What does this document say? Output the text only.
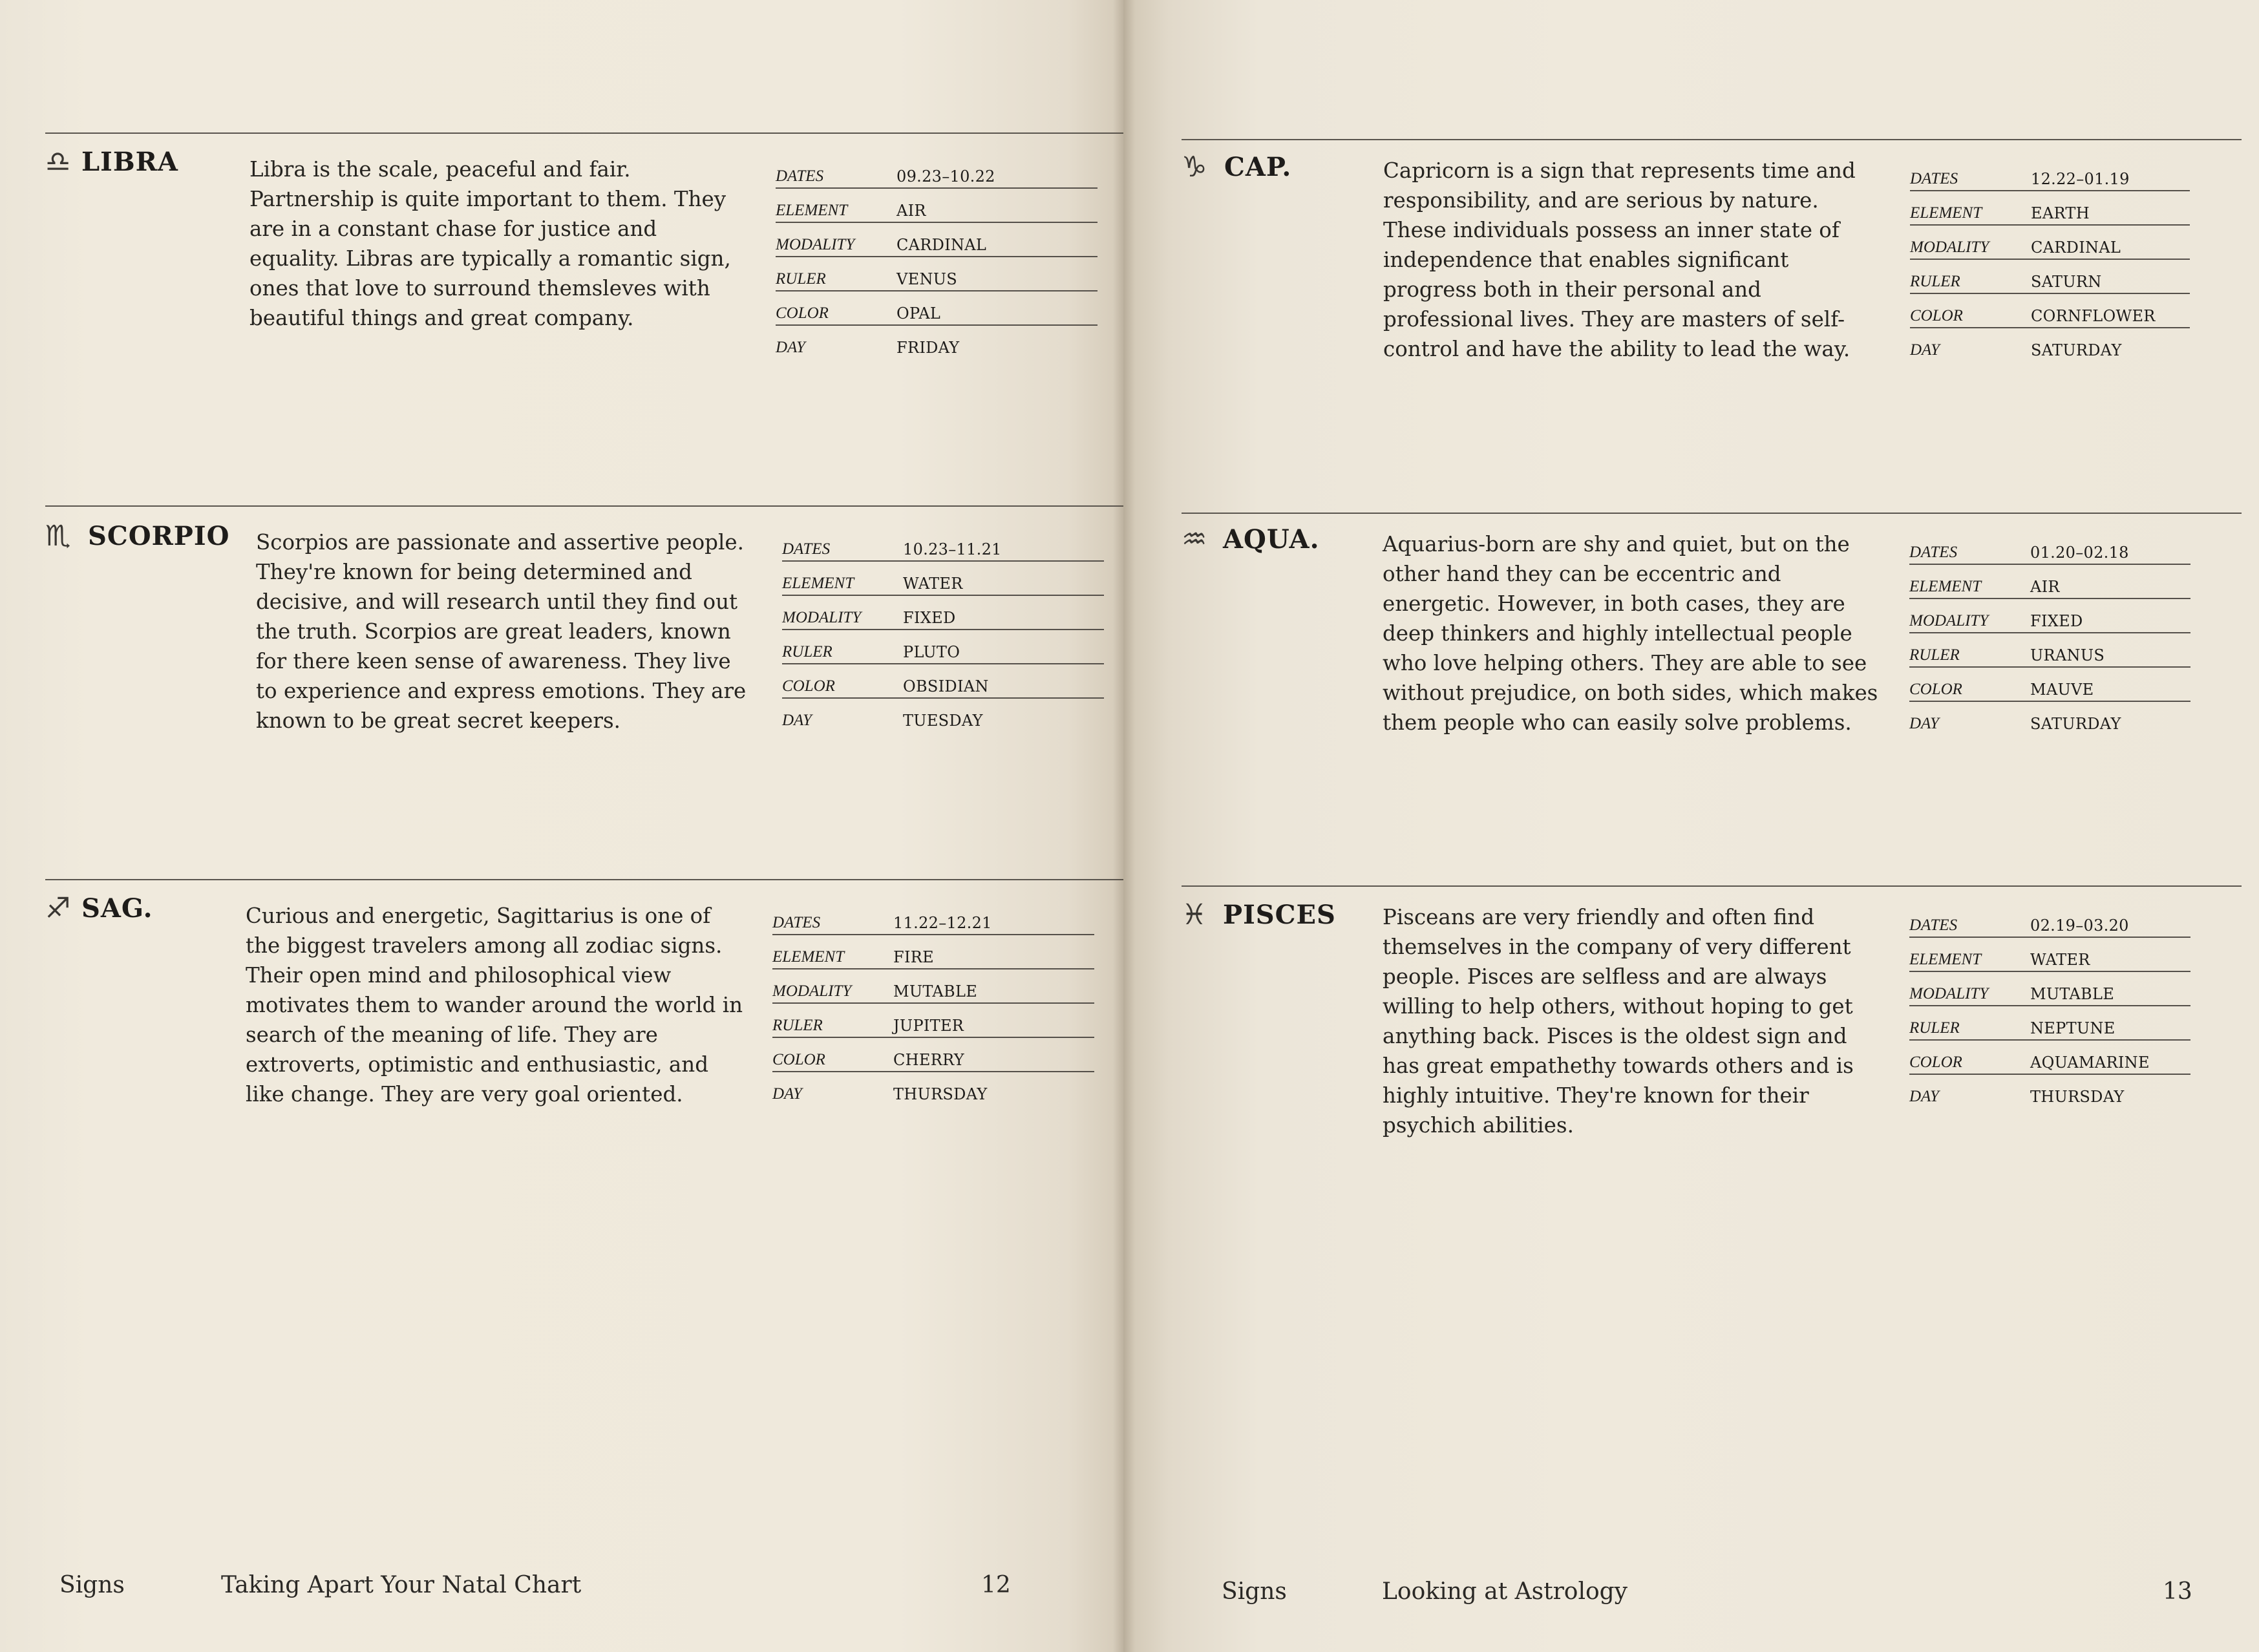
♎ LIBRA	Libra is the scale, peaceful and fair. Partnership is quite important to them. They are in a constant chase for justice and equality. Libras are typically a romantic sign, ones that love to surround themsleves with beautiful things and great company.

DATES	09.23–10.22
ELEMENT	AIR
MODALITY	CARDINAL
RULER	VENUS
COLOR	OPAL
DAY	FRIDAY
♏ SCORPIO Scorpios are passionate and assertive people. They're known for being determined and decisive, and will research until they find out the truth. Scorpios are great leaders, known for there keen sense of awareness. They live to experience and express emotions. They are known to be great secret keepers.

DATES	10.23–11.21
ELEMENT	WATER
MODALITY	FIXED
RULER	PLUTO
COLOR	OBSIDIAN
DAY	TUESDAY
♐ SAG.	Curious and energetic, Sagittarius is one of the biggest travelers among all zodiac signs. Their open mind and philosophical view motivates them to wander around the world in search of the meaning of life. They are extroverts, optimistic and enthusiastic, and like change. They are very goal oriented.

DATES	11.22–12.21
ELEMENT	FIRE
MODALITY	MUTABLE
RULER	JUPITER
COLOR	CHERRY
DAY	THURSDAY
Signs	Taking Apart Your Natal Chart	12
♑ CAP.	Capricorn is a sign that represents time and responsibility, and are serious by nature. These individuals possess an inner state of independence that enables significant progress both in their personal and professional lives. They are masters of self-control and have the ability to lead the way.

DATES	12.22–01.19
ELEMENT	EARTH
MODALITY	CARDINAL
RULER	SATURN
COLOR	CORNFLOWER
DAY	SATURDAY
♒ AQUA.	Aquarius-born are shy and quiet, but on the other hand they can be eccentric and energetic. However, in both cases, they are deep thinkers and highly intellectual people who love helping others. They are able to see without prejudice, on both sides, which makes them people who can easily solve problems.

DATES	01.20–02.18
ELEMENT	AIR
MODALITY	FIXED
RULER	URANUS
COLOR	MAUVE
DAY	SATURDAY
♓ PISCES Pisceans are very friendly and often find themselves in the company of very different people. Pisces are selfless and are always willing to help others, without hoping to get anything back. Pisces is the oldest sign and has great empathethy towards others and is highly intuitive. They're known for their psychich abilities.

DATES	02.19–03.20
ELEMENT	WATER
MODALITY	MUTABLE
RULER	NEPTUNE
COLOR	AQUAMARINE
DAY	THURSDAY
Signs	Looking at Astrology	13
